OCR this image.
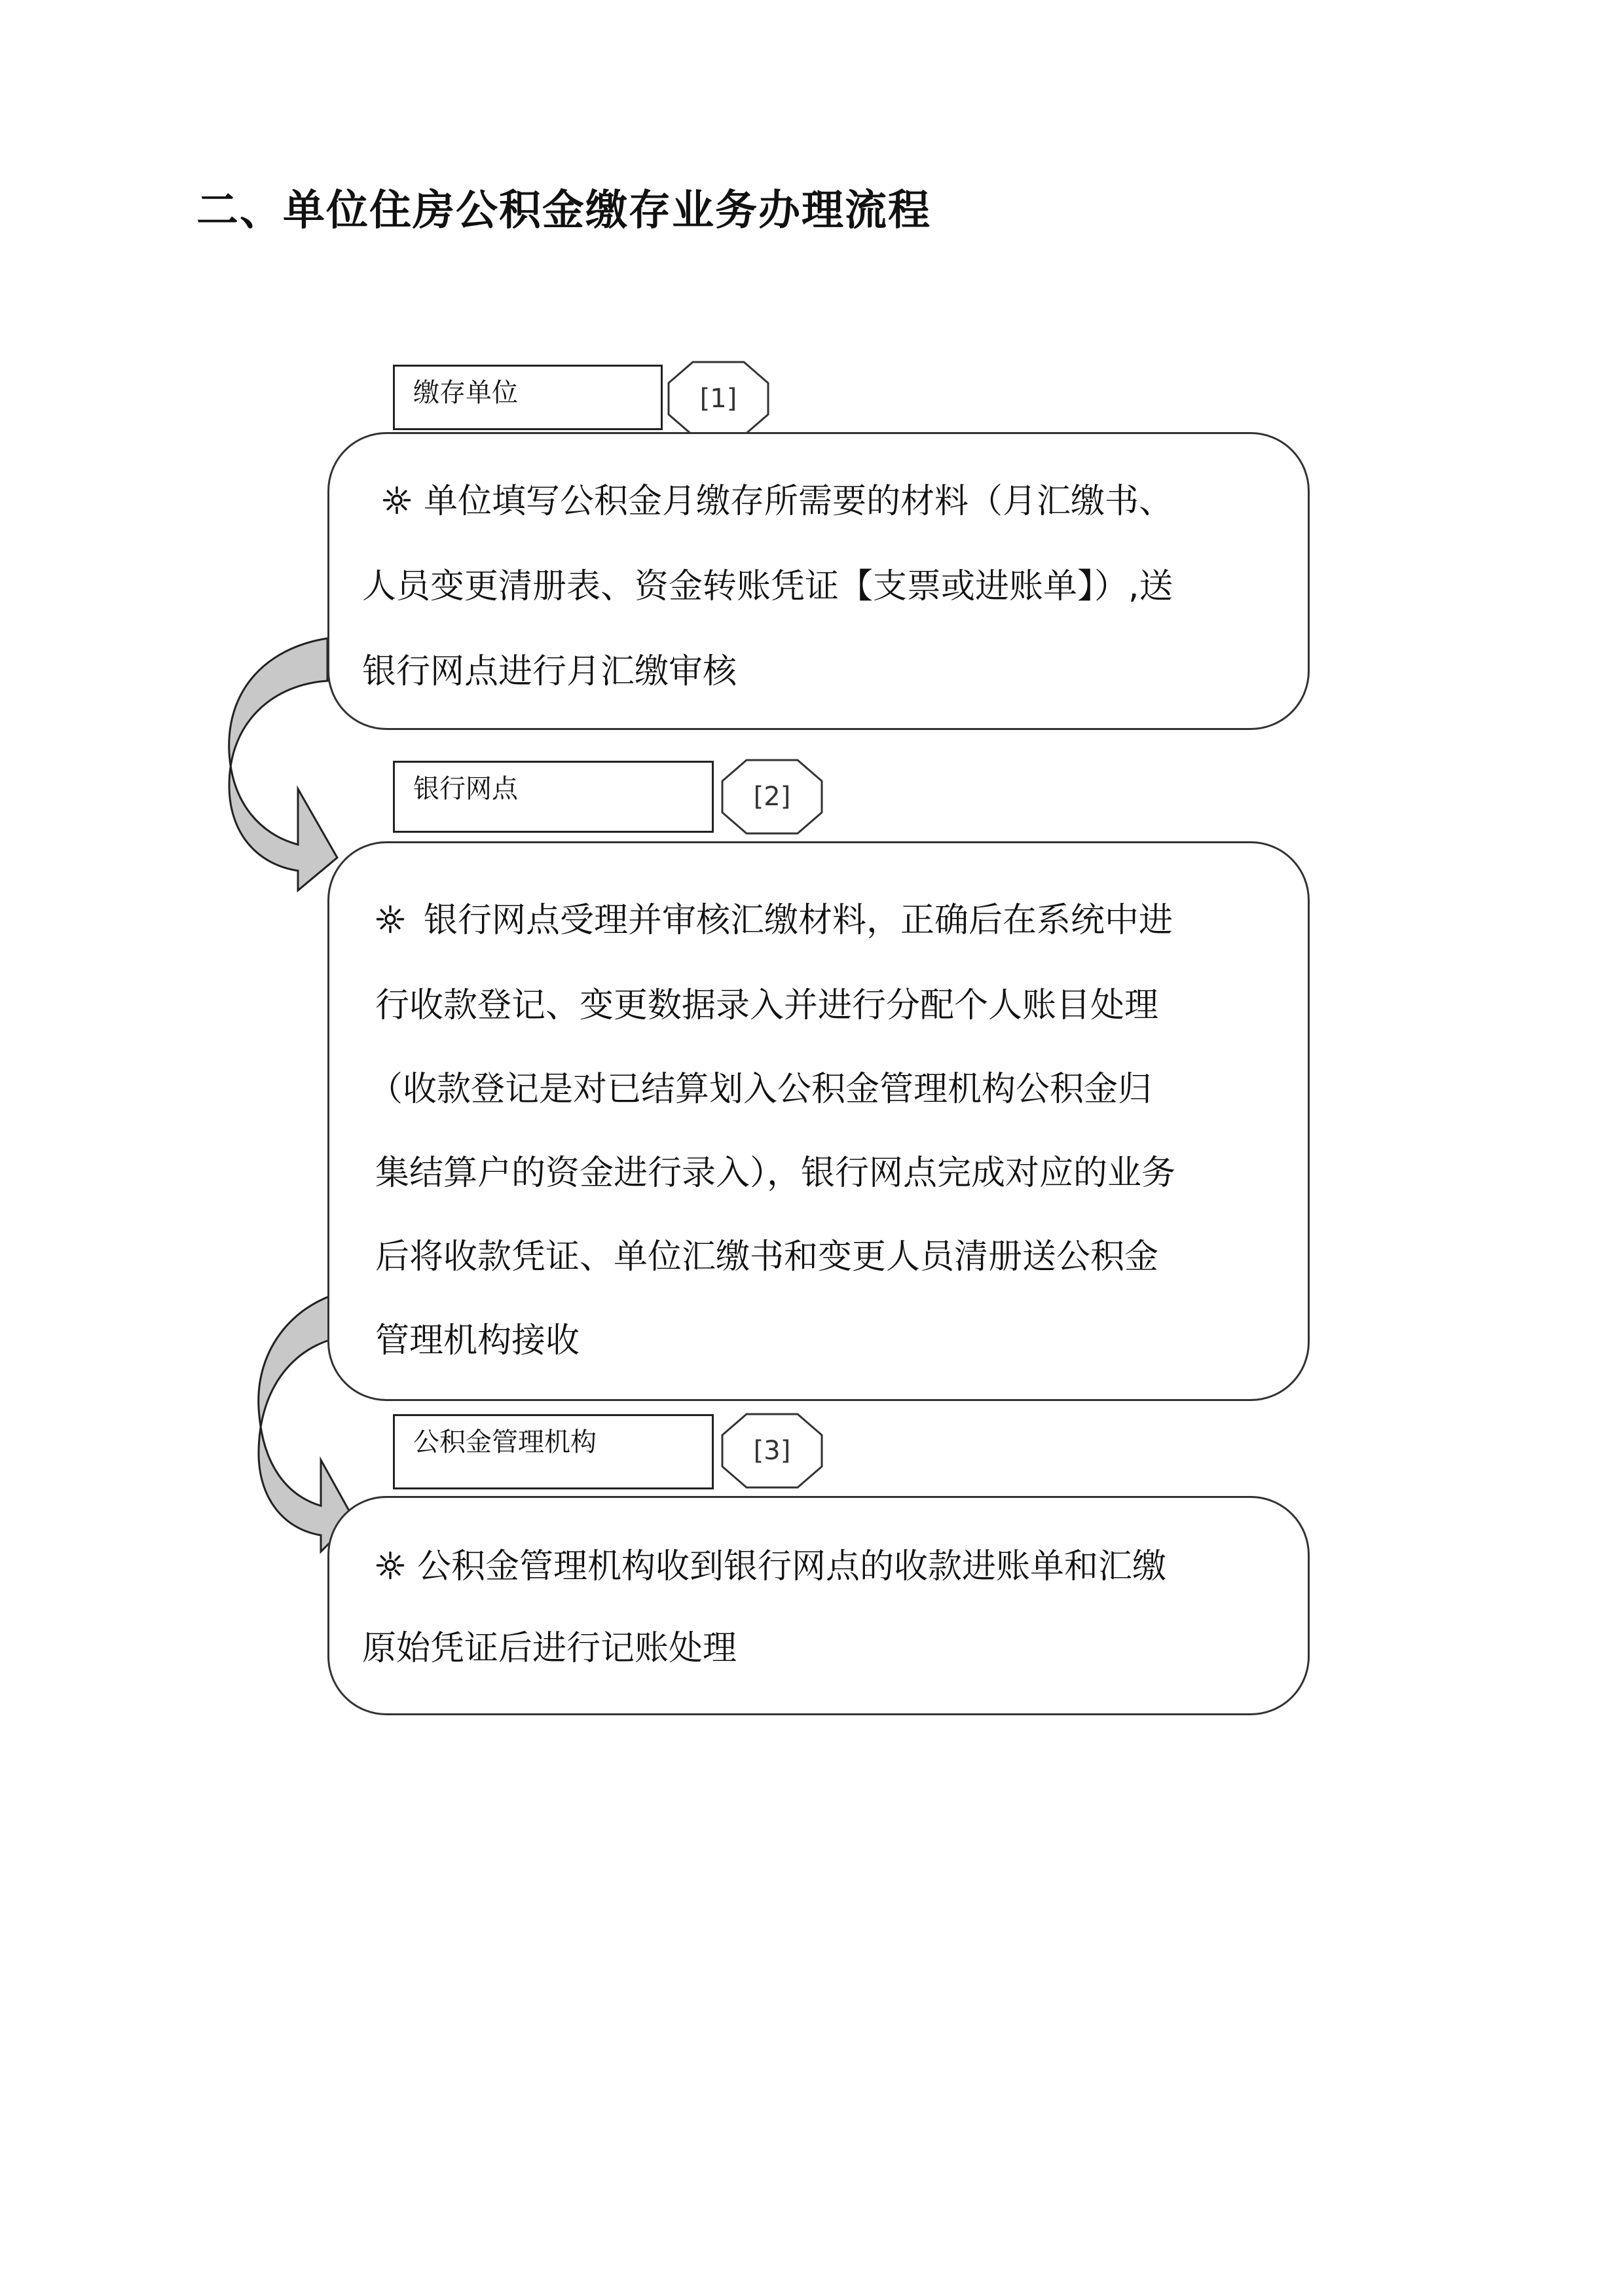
二、单位住房公积金缴存业务办理流程
缴存单位	[1]
单位填写公积金月缴存所需要的材料（月汇缴书、
人员变更清册表、资金转账凭证【支票或进账单】）,送
银行网点进行月汇缴审核
银行网点	[2]
银行网点受理并审核汇缴材料，正确后在系统中进
行收款登记、变更数据录入并进行分配个人账目处理
（收款登记是对已结算划入公积金管理机构公积金归
集结算户的资金进行录入），银行网点完成对应的业务
后将收款凭证、单位汇缴书和变更人员清册送公积金
管理机构接收
公积金管理机构	[3]
公积金管理机构收到银行网点的收款进账单和汇缴
原始凭证后进行记账处理
